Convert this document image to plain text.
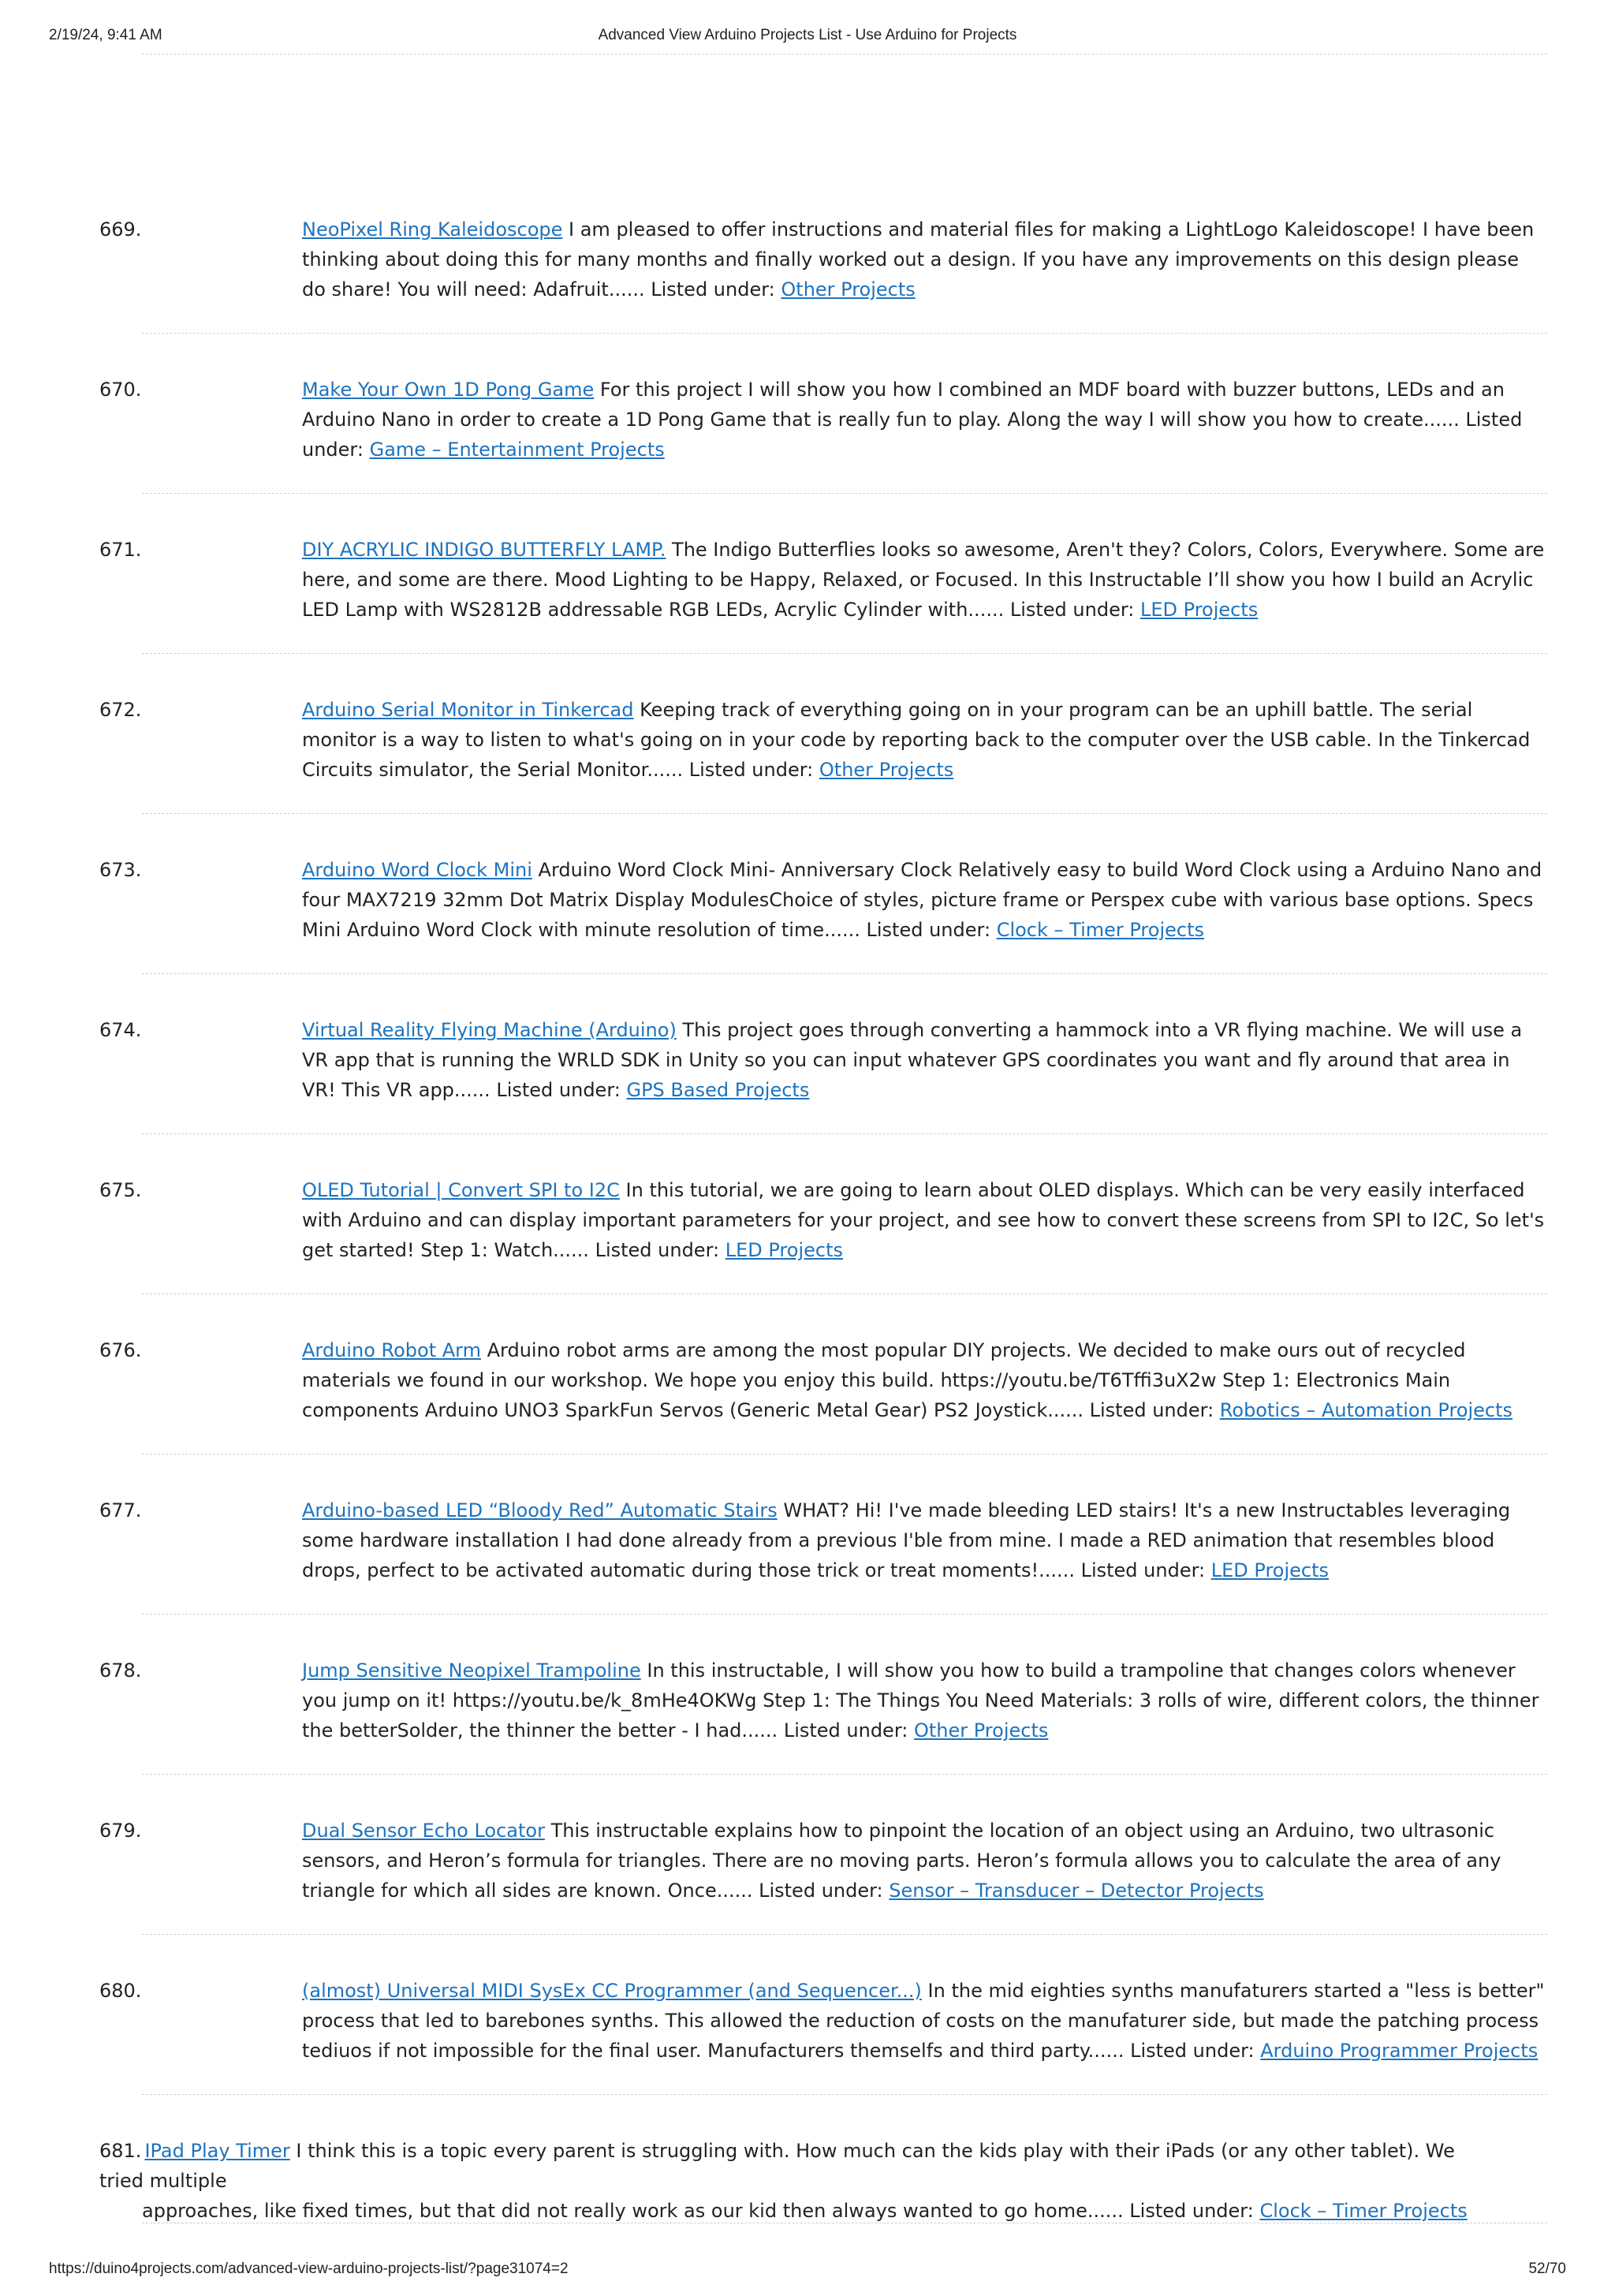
2/19/24, 9:41 AM	Advanced View Arduino Projects List - Use Arduino for Projects
669.	NeoPixel Ring Kaleidoscope I am pleased to offer instructions and material files for making a LightLogo Kaleidoscope! I have been thinking about doing this for many months and finally worked out a design. If you have any improvements on this design please do share! You will need: Adafruit...... Listed under: Other Projects
670.	Make Your Own 1D Pong Game For this project I will show you how I combined an MDF board with buzzer buttons, LEDs and an Arduino Nano in order to create a 1D Pong Game that is really fun to play. Along the way I will show you how to create...... Listed under: Game – Entertainment Projects
671.	DIY ACRYLIC INDIGO BUTTERFLY LAMP. The Indigo Butterflies looks so awesome, Aren't they? Colors, Colors, Everywhere. Some are here, and some are there. Mood Lighting to be Happy, Relaxed, or Focused. In this Instructable I’ll show you how I build an Acrylic LED Lamp with WS2812B addressable RGB LEDs, Acrylic Cylinder with...... Listed under: LED Projects
672.	Arduino Serial Monitor in Tinkercad Keeping track of everything going on in your program can be an uphill battle. The serial monitor is a way to listen to what's going on in your code by reporting back to the computer over the USB cable. In the Tinkercad Circuits simulator, the Serial Monitor...... Listed under: Other Projects
673.	Arduino Word Clock Mini Arduino Word Clock Mini- Anniversary Clock Relatively easy to build Word Clock using a Arduino Nano and four MAX7219 32mm Dot Matrix Display ModulesChoice of styles, picture frame or Perspex cube with various base options. Specs Mini Arduino Word Clock with minute resolution of time...... Listed under: Clock – Timer Projects
674.	Virtual Reality Flying Machine (Arduino) This project goes through converting a hammock into a VR flying machine. We will use a VR app that is running the WRLD SDK in Unity so you can input whatever GPS coordinates you want and fly around that area in VR! This VR app...... Listed under: GPS Based Projects
675.	OLED Tutorial | Convert SPI to I2C In this tutorial, we are going to learn about OLED displays. Which can be very easily interfaced with Arduino and can display important parameters for your project, and see how to convert these screens from SPI to I2C, So let's get started! Step 1: Watch...... Listed under: LED Projects
676.	Arduino Robot Arm Arduino robot arms are among the most popular DIY projects. We decided to make ours out of recycled materials we found in our workshop. We hope you enjoy this build. https://youtu.be/T6Tffi3uX2w Step 1: Electronics Main components Arduino UNO3 SparkFun Servos (Generic Metal Gear) PS2 Joystick...... Listed under: Robotics – Automation Projects
677.	Arduino-based LED “Bloody Red” Automatic Stairs WHAT? Hi! I've made bleeding LED stairs! It's a new Instructables leveraging some hardware installation I had done already from a previous I'ble from mine. I made a RED animation that resembles blood drops, perfect to be activated automatic during those trick or treat moments!...... Listed under: LED Projects
678.	Jump Sensitive Neopixel Trampoline In this instructable, I will show you how to build a trampoline that changes colors whenever you jump on it! https://youtu.be/k_8mHe4OKWg Step 1: The Things You Need Materials: 3 rolls of wire, different colors, the thinner the betterSolder, the thinner the better - I had...... Listed under: Other Projects
679.	Dual Sensor Echo Locator This instructable explains how to pinpoint the location of an object using an Arduino, two ultrasonic sensors, and Heron’s formula for triangles. There are no moving parts. Heron’s formula allows you to calculate the area of any triangle for which all sides are known. Once...... Listed under: Sensor – Transducer – Detector Projects
680.	(almost) Universal MIDI SysEx CC Programmer (and Sequencer...) In the mid eighties synths manufaturers started a "less is better" process that led to barebones synths. This allowed the reduction of costs on the manufaturer side, but made the patching process tediuos if not impossible for the final user. Manufacturers themselfs and third party...... Listed under: Arduino Programmer Projects
681. IPad Play Timer I think this is a topic every parent is struggling with. How much can the kids play with their iPads (or any other tablet). We tried multiple
approaches, like fixed times, but that did not really work as our kid then always wanted to go home...... Listed under: Clock – Timer Projects
https://duino4projects.com/advanced-view-arduino-projects-list/?page31074=2	52/70
